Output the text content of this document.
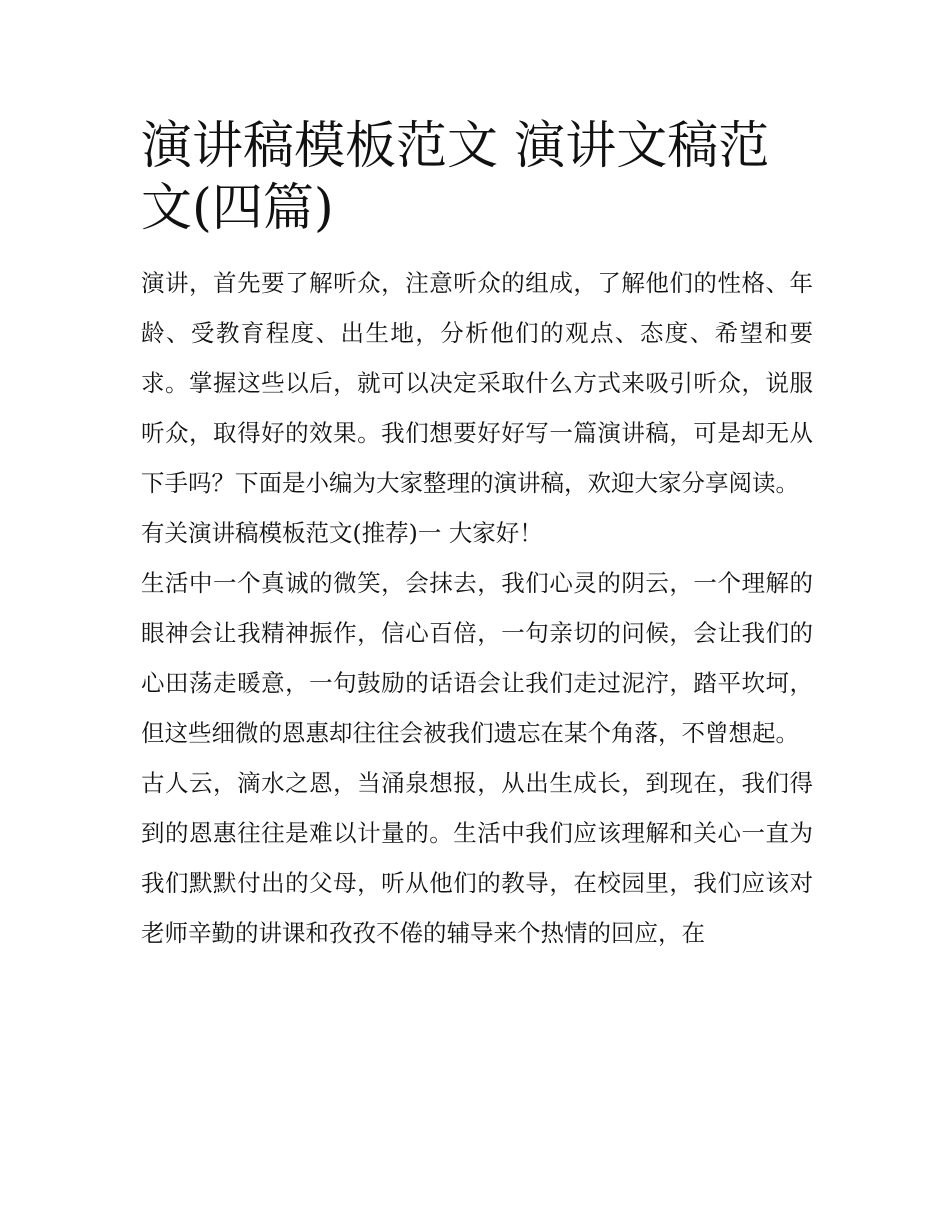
演讲稿模板范文 演讲文稿范文(四篇)

演讲，首先要了解听众，注意听众的组成，了解他们的性格、年龄、受教育程度、出生地，分析他们的观点、态度、希望和要求。掌握这些以后，就可以决定采取什么方式来吸引听众，说服听众，取得好的效果。我们想要好好写一篇演讲稿，可是却无从下手吗？下面是小编为大家整理的演讲稿，欢迎大家分享阅读。

有关演讲稿模板范文(推荐)一 大家好！

生活中一个真诚的微笑，会抹去，我们心灵的阴云，一个理解的眼神会让我精神振作，信心百倍，一句亲切的问候，会让我们的心田荡走暖意，一句鼓励的话语会让我们走过泥泞，踏平坎坷，但这些细微的恩惠却往往会被我们遗忘在某个角落，不曾想起。

古人云，滴水之恩，当涌泉想报，从出生成长，到现在，我们得到的恩惠往往是难以计量的。生活中我们应该理解和关心一直为我们默默付出的父母，听从他们的教导，在校园里，我们应该对老师辛勤的讲课和孜孜不倦的辅导来个热情的回应，在
